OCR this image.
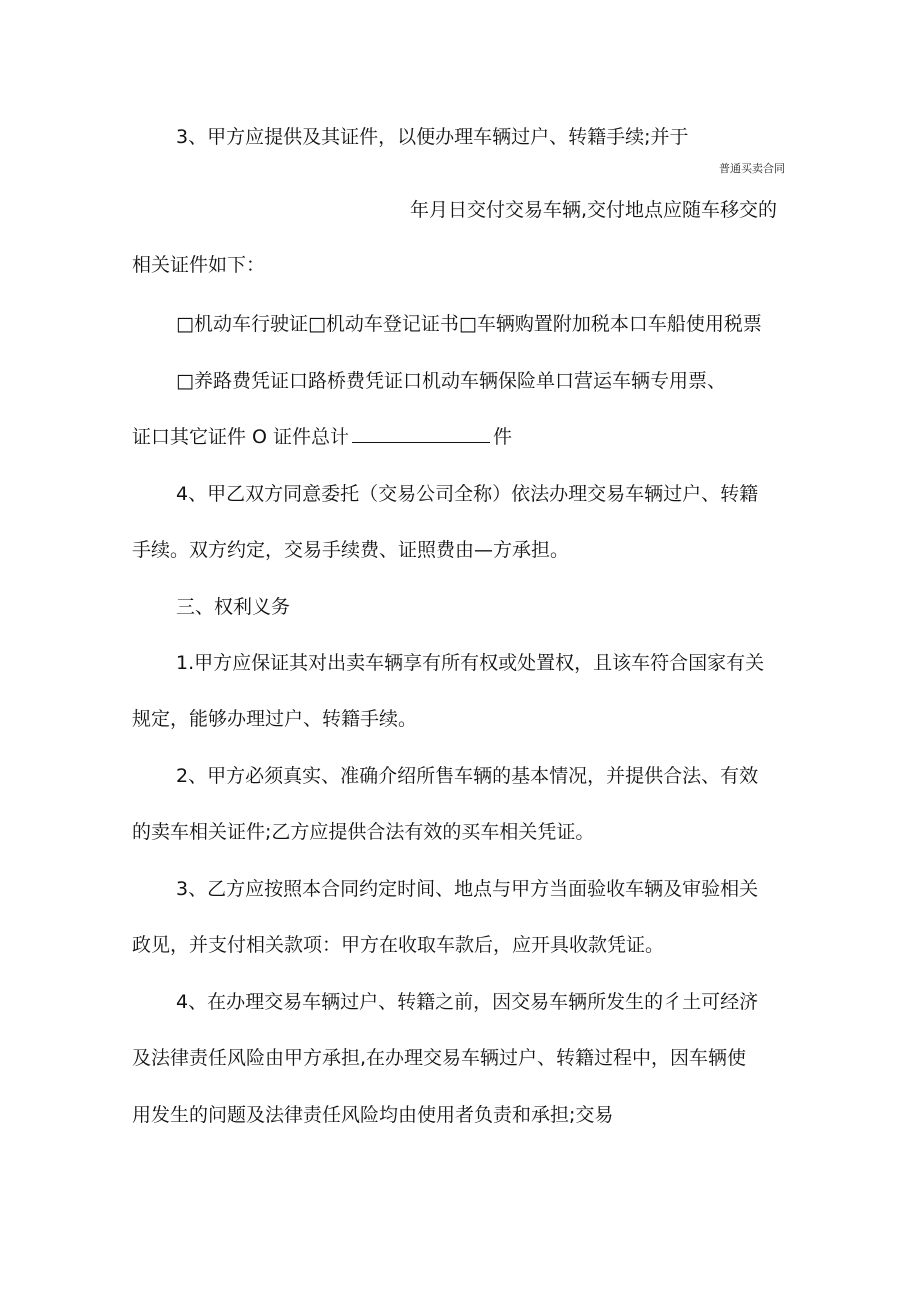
3、甲方应提供及其证件，以便办理车辆过户、转籍手续;并于
普通买卖合同
年月日交付交易车辆,交付地点应随车移交的
相关证件如下：
□机动车行驶证□机动车登记证书□车辆购置附加税本口车船使用税票
□养路费凭证口路桥费凭证口机动车辆保险单口营运车辆专用票、
证口其它证件 O 证件总计	件
4、甲乙双方同意委托（交易公司全称）依法办理交易车辆过户、转籍
手续。双方约定，交易手续费、证照费由—方承担。
三、权利义务
1.甲方应保证其对出卖车辆享有所有权或处置权，且该车符合国家有关
规定，能够办理过户、转籍手续。
2、甲方必须真实、准确介绍所售车辆的基本情况，并提供合法、有效
的卖车相关证件;乙方应提供合法有效的买车相关凭证。
3、乙方应按照本合同约定时间、地点与甲方当面验收车辆及审验相关
政见，并支付相关款项：甲方在收取车款后，应开具收款凭证。
4、在办理交易车辆过户、转籍之前，因交易车辆所发生的彳土可经济
及法律责任风险由甲方承担,在办理交易车辆过户、转籍过程中，因车辆使
用发生的问题及法律责任风险均由使用者负责和承担;交易
